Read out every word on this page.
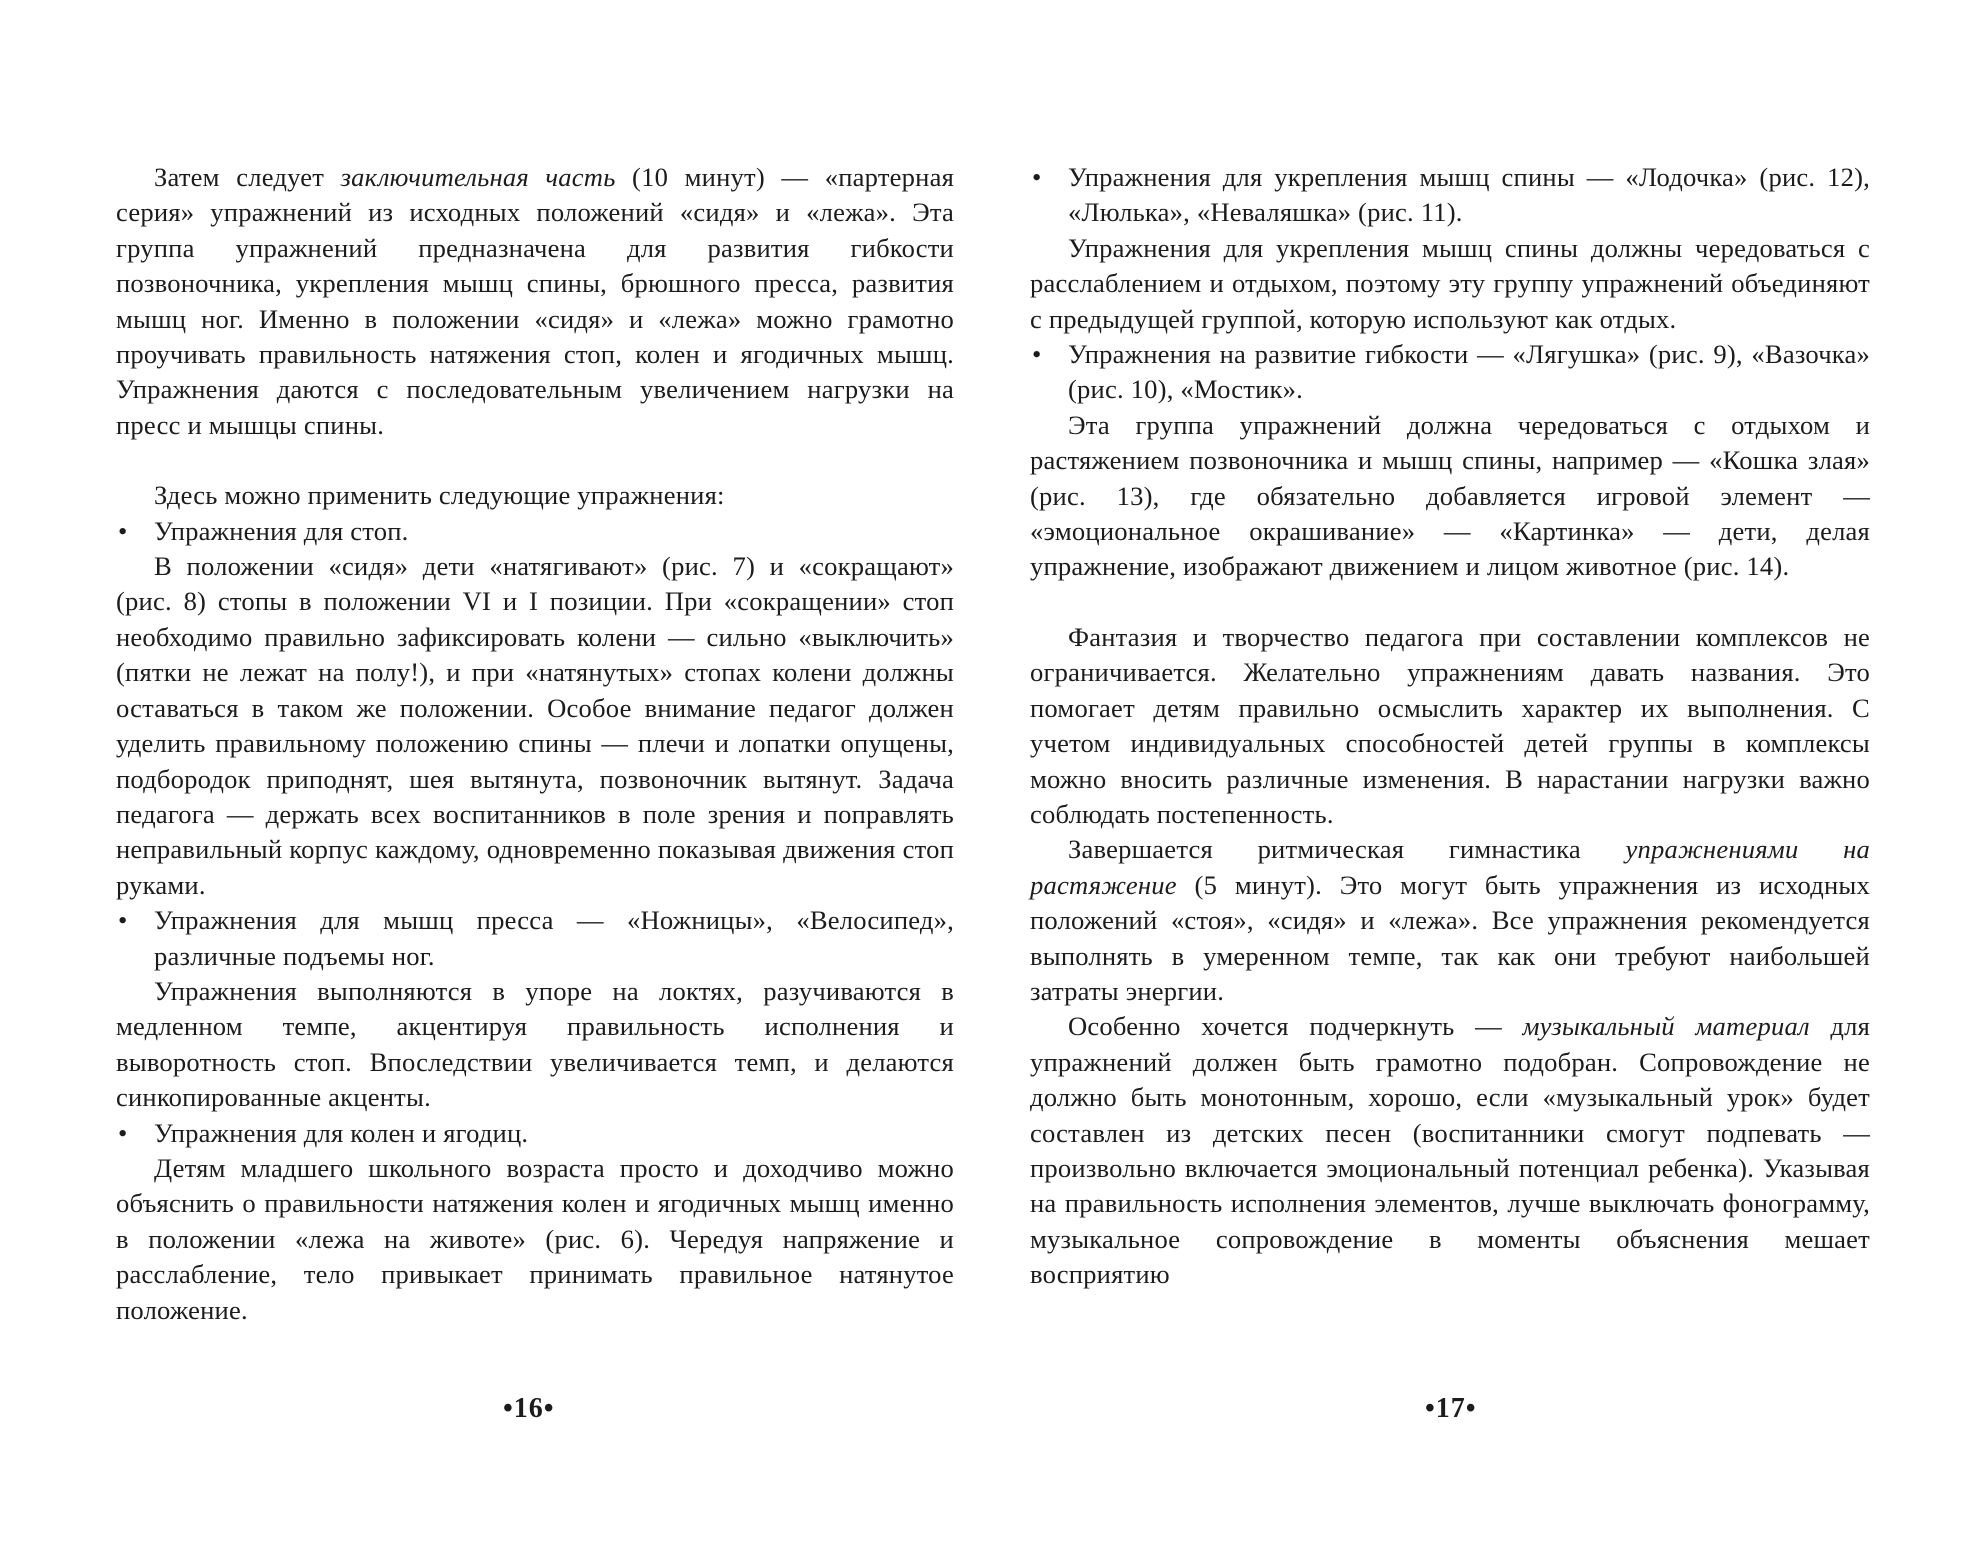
Затем следует заключительная часть (10 минут) — «партерная серия» упражнений из исходных положений «сидя» и «лежа». Эта группа упражнений предназначена для развития гибкости позвоночника, укрепления мышц спины, брюшного пресса, развития мышц ног. Именно в положении «сидя» и «лежа» можно грамотно проучивать правильность натяжения стоп, колен и ягодичных мышц. Упражнения даются с последовательным увеличением нагрузки на пресс и мышцы спины.

Здесь можно применить следующие упражнения:

• Упражнения для стоп.

В положении «сидя» дети «натягивают» (рис. 7) и «сокращают» (рис. 8) стопы в положении VI и I позиции. При «сокращении» стоп необходимо правильно зафиксировать колени — сильно «выключить» (пятки не лежат на полу!), и при «натянутых» стопах колени должны оставаться в таком же положении. Особое внимание педагог должен уделить правильному положению спины — плечи и лопатки опущены, подбородок приподнят, шея вытянута, позвоночник вытянут. Задача педагога — держать всех воспитанников в поле зрения и поправлять неправильный корпус каждому, одновременно показывая движения стоп руками.

• Упражнения для мышц пресса — «Ножницы», «Велосипед», различные подъемы ног.

Упражнения выполняются в упоре на локтях, разучиваются в медленном темпе, акцентируя правильность исполнения и выворотность стоп. Впоследствии увеличивается темп, и делаются синкопированные акценты.

• Упражнения для колен и ягодиц.

Детям младшего школьного возраста просто и доходчиво можно объяснить о правильности натяжения колен и ягодичных мышц именно в положении «лежа на животе» (рис. 6). Чередуя напряжение и расслабление, тело привыкает принимать правильное натянутое положение.

• Упражнения для укрепления мышц спины — «Лодочка» (рис. 12), «Люлька», «Неваляшка» (рис. 11).

Упражнения для укрепления мышц спины должны чередоваться с расслаблением и отдыхом, поэтому эту группу упражнений объединяют с предыдущей группой, которую используют как отдых.

• Упражнения на развитие гибкости — «Лягушка» (рис. 9), «Вазочка» (рис. 10), «Мостик».

Эта группа упражнений должна чередоваться с отдыхом и растяжением позвоночника и мышц спины, например — «Кошка злая» (рис. 13), где обязательно добавляется игровой элемент — «эмоциональное окрашивание» — «Картинка» — дети, делая упражнение, изображают движением и лицом животное (рис. 14).

Фантазия и творчество педагога при составлении комплексов не ограничивается. Желательно упражнениям давать названия. Это помогает детям правильно осмыслить характер их выполнения. С учетом индивидуальных способностей детей группы в комплексы можно вносить различные изменения. В нарастании нагрузки важно соблюдать постепенность.

Завершается ритмическая гимнастика упражнениями на растяжение (5 минут). Это могут быть упражнения из исходных положений «стоя», «сидя» и «лежа». Все упражнения рекомендуется выполнять в умеренном темпе, так как они требуют наибольшей затраты энергии.

Особенно хочется подчеркнуть — музыкальный материал для упражнений должен быть грамотно подобран. Сопровождение не должно быть монотонным, хорошо, если «музыкальный урок» будет составлен из детских песен (воспитанники смогут подпевать — произвольно включается эмоциональный потенциал ребенка). Указывая на правильность исполнения элементов, лучше выключать фонограмму, музыкальное сопровождение в моменты объяснения мешает восприятию

•16•	•17•
